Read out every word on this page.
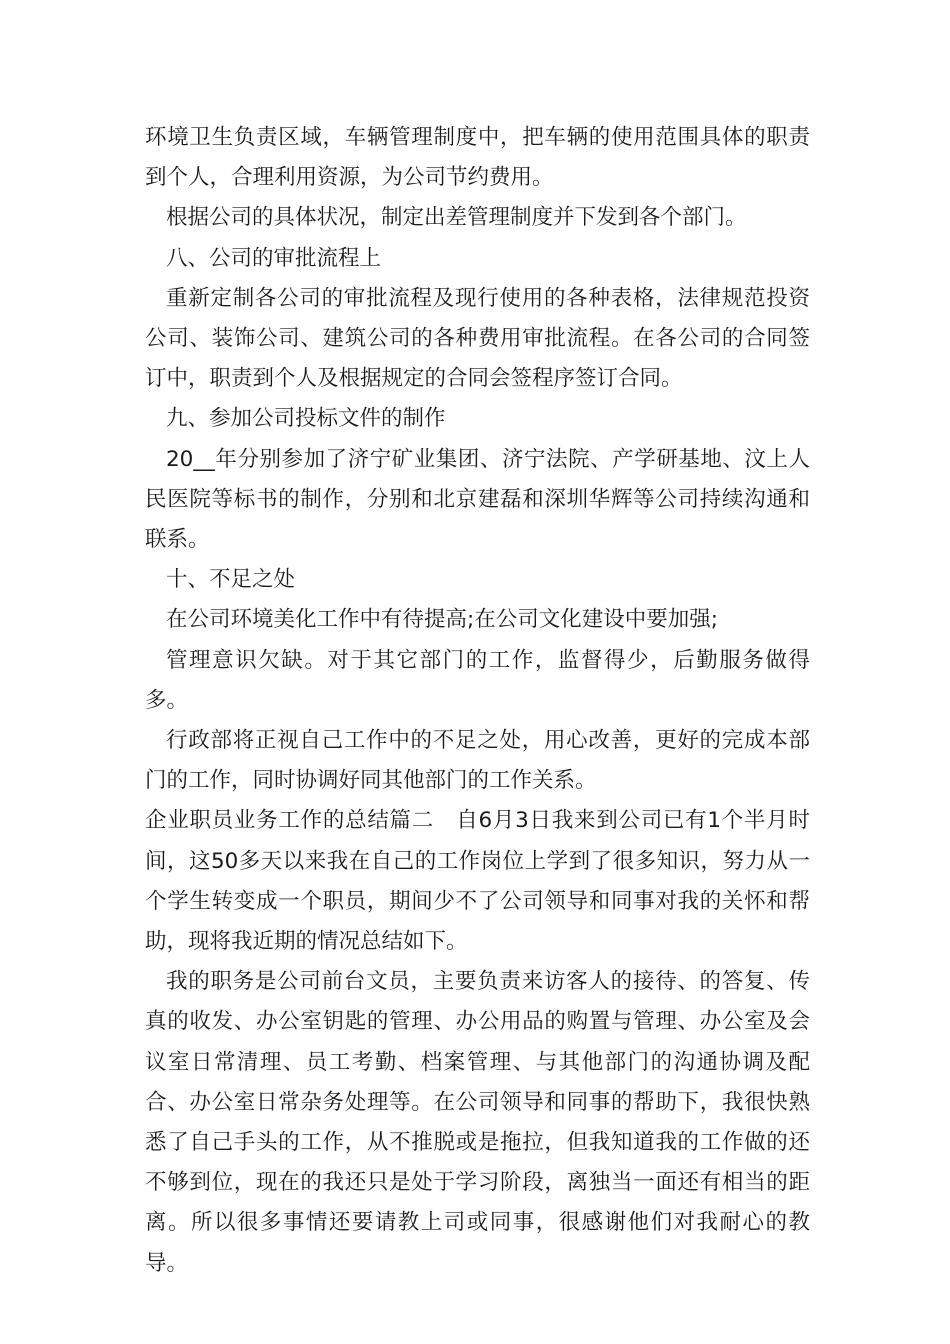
环境卫生负责区域，车辆管理制度中，把车辆的使用范围具体的职责到个人，合理利用资源，为公司节约费用。

根据公司的具体状况，制定出差管理制度并下发到各个部门。

八、公司的审批流程上

重新定制各公司的审批流程及现行使用的各种表格，法律规范投资公司、装饰公司、建筑公司的各种费用审批流程。在各公司的合同签订中，职责到个人及根据规定的合同会签程序签订合同。

九、参加公司投标文件的制作

20__年分别参加了济宁矿业集团、济宁法院、产学研基地、汶上人民医院等标书的制作，分别和北京建磊和深圳华辉等公司持续沟通和联系。

十、不足之处

在公司环境美化工作中有待提高;在公司文化建设中要加强;

管理意识欠缺。对于其它部门的工作，监督得少，后勤服务做得多。

行政部将正视自己工作中的不足之处，用心改善，更好的完成本部门的工作，同时协调好同其他部门的工作关系。

企业职员业务工作的总结篇二　自6月3日我来到公司已有1个半月时间，这50多天以来我在自己的工作岗位上学到了很多知识，努力从一个学生转变成一个职员，期间少不了公司领导和同事对我的关怀和帮助，现将我近期的情况总结如下。

我的职务是公司前台文员，主要负责来访客人的接待、的答复、传真的收发、办公室钥匙的管理、办公用品的购置与管理、办公室及会议室日常清理、员工考勤、档案管理、与其他部门的沟通协调及配合、办公室日常杂务处理等。在公司领导和同事的帮助下，我很快熟悉了自己手头的工作，从不推脱或是拖拉，但我知道我的工作做的还不够到位，现在的我还只是处于学习阶段，离独当一面还有相当的距离。所以很多事情还要请教上司或同事，很感谢他们对我耐心的教导。
